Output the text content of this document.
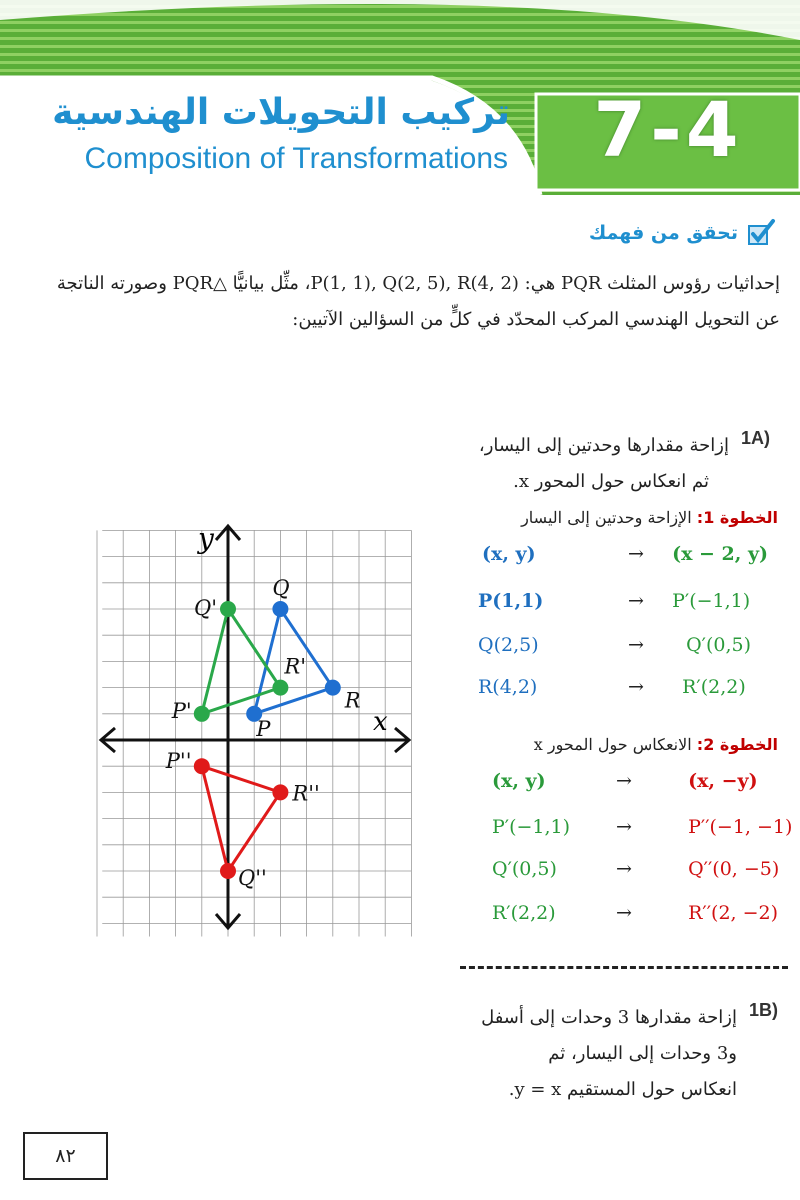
7-4
تركيب التحويلات الهندسية
Composition of Transformations
تحقق من فهمك
إحداثيات رؤوس المثلث PQR هي: P(1, 1), Q(2, 5), R(4, 2)، مثِّل بيانيًّا △PQR وصورته الناتجة
عن التحويل الهندسي المركب المحدّد في كلٍّ من السؤالين الآتيين:
1A)
إزاحة مقدارها وحدتين إلى اليسار،
ثم انعكاس حول المحور x.
الخطوة 1: الإزاحة وحدتين إلى اليسار
(x, y)	→ (x − 2, y)
P(1,1)	→ P′(−1,1)
Q(2,5)	→ Q′(0,5)
R(4,2)	→ R′(2,2)
الخطوة 2: الانعكاس حول المحور x
(x, y)	→	(x, −y)
P′(−1,1) →	P′′(−1, −1)
Q′(0,5)	→	Q′′(0, −5)
R′(2,2)	→	R′′(2, −2)
x
y
P
Q
R
P'
Q'
R'
P''
Q''
R''
1B)
إزاحة مقدارها 3 وحدات إلى أسفل
و3 وحدات إلى اليسار، ثم
انعكاس حول المستقيم y = x.
٨٢
